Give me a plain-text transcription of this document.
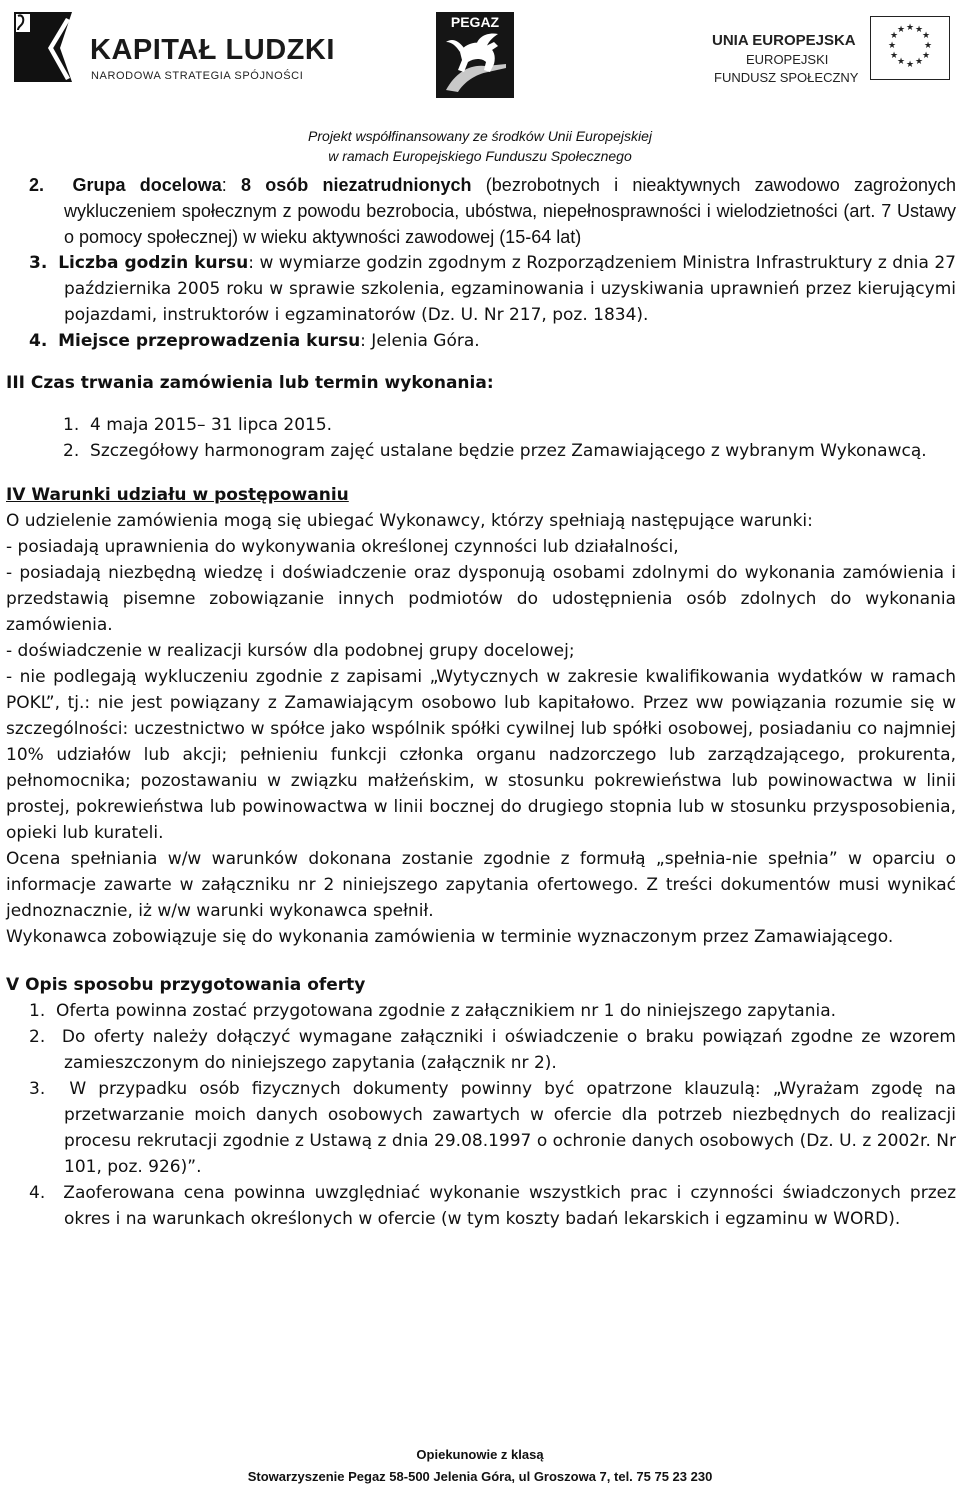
KAPITAŁ LUDZKI
NARODOWA STRATEGIA SPÓJNOŚCI
PEGAZ
UNIA EUROPEJSKA
EUROPEJSKI
FUNDUSZ SPOŁECZNY
★ ★
★
★
★
★
★
★
★
★
★
★
Projekt współfinansowany ze środków Unii Europejskiej
w ramach Europejskiego Funduszu Społecznego

2. Grupa docelowa: 8 osób niezatrudnionych (bezrobotnych i nieaktywnych zawodowo zagrożonych wykluczeniem społecznym z powodu bezrobocia, ubóstwa, niepełnosprawności i wielodzietności (art. 7 Ustawy o pomocy społecznej) w wieku aktywności zawodowej (15-64 lat)

3. Liczba godzin kursu: w wymiarze godzin zgodnym z Rozporządzeniem Ministra Infrastruktury z dnia 27 października 2005 roku w sprawie szkolenia, egzaminowania i uzyskiwania uprawnień przez kierującymi pojazdami, instruktorów i egzaminatorów (Dz. U. Nr 217, poz. 1834).

4. Miejsce przeprowadzenia kursu: Jelenia Góra.

III Czas trwania zamówienia lub termin wykonania:

1. 4 maja 2015– 31 lipca 2015.

2. Szczegółowy harmonogram zajęć ustalane będzie przez Zamawiającego z wybranym Wykonawcą.

IV Warunki udziału w postępowaniu

O udzielenie zamówienia mogą się ubiegać Wykonawcy, którzy spełniają następujące warunki:

- posiadają uprawnienia do wykonywania określonej czynności lub działalności,

- posiadają niezbędną wiedzę i doświadczenie oraz dysponują osobami zdolnymi do wykonania zamówienia i przedstawią pisemne zobowiązanie innych podmiotów do udostępnienia osób zdolnych do wykonania zamówienia.

- doświadczenie w realizacji kursów dla podobnej grupy docelowej;

- nie podlegają wykluczeniu zgodnie z zapisami „Wytycznych w zakresie kwalifikowania wydatków w ramach POKL”, tj.: nie jest powiązany z Zamawiającym osobowo lub kapitałowo. Przez ww powiązania rozumie się w szczególności: uczestnictwo w spółce jako wspólnik spółki cywilnej lub spółki osobowej, posiadaniu co najmniej 10% udziałów lub akcji; pełnieniu funkcji członka organu nadzorczego lub zarządzającego, prokurenta, pełnomocnika; pozostawaniu w związku małżeńskim, w stosunku pokrewieństwa lub powinowactwa w linii prostej, pokrewieństwa lub powinowactwa w linii bocznej do drugiego stopnia lub w stosunku przysposobienia, opieki lub kurateli.

Ocena spełniania w/w warunków dokonana zostanie zgodnie z formułą „spełnia-nie spełnia” w oparciu o informacje zawarte w załączniku nr 2 niniejszego zapytania ofertowego. Z treści dokumentów musi wynikać jednoznacznie, iż w/w warunki wykonawca spełnił.

Wykonawca zobowiązuje się do wykonania zamówienia w terminie wyznaczonym przez Zamawiającego.

V Opis sposobu przygotowania oferty

1. Oferta powinna zostać przygotowana zgodnie z załącznikiem nr 1 do niniejszego zapytania.

2. Do oferty należy dołączyć wymagane załączniki i oświadczenie o braku powiązań zgodne ze wzorem zamieszczonym do niniejszego zapytania (załącznik nr 2).

3. W przypadku osób fizycznych dokumenty powinny być opatrzone klauzulą: „Wyrażam zgodę na przetwarzanie moich danych osobowych zawartych w ofercie dla potrzeb niezbędnych do realizacji procesu rekrutacji zgodnie z Ustawą z dnia 29.08.1997 o ochronie danych osobowych (Dz. U. z 2002r. Nr 101, poz. 926)”.

4. Zaoferowana cena powinna uwzględniać wykonanie wszystkich prac i czynności świadczonych przez okres i na warunkach określonych w ofercie (w tym koszty badań lekarskich i egzaminu w WORD).

Opiekunowie z klasą
Stowarzyszenie Pegaz 58-500 Jelenia Góra, ul Groszowa 7, tel. 75 75 23 230
